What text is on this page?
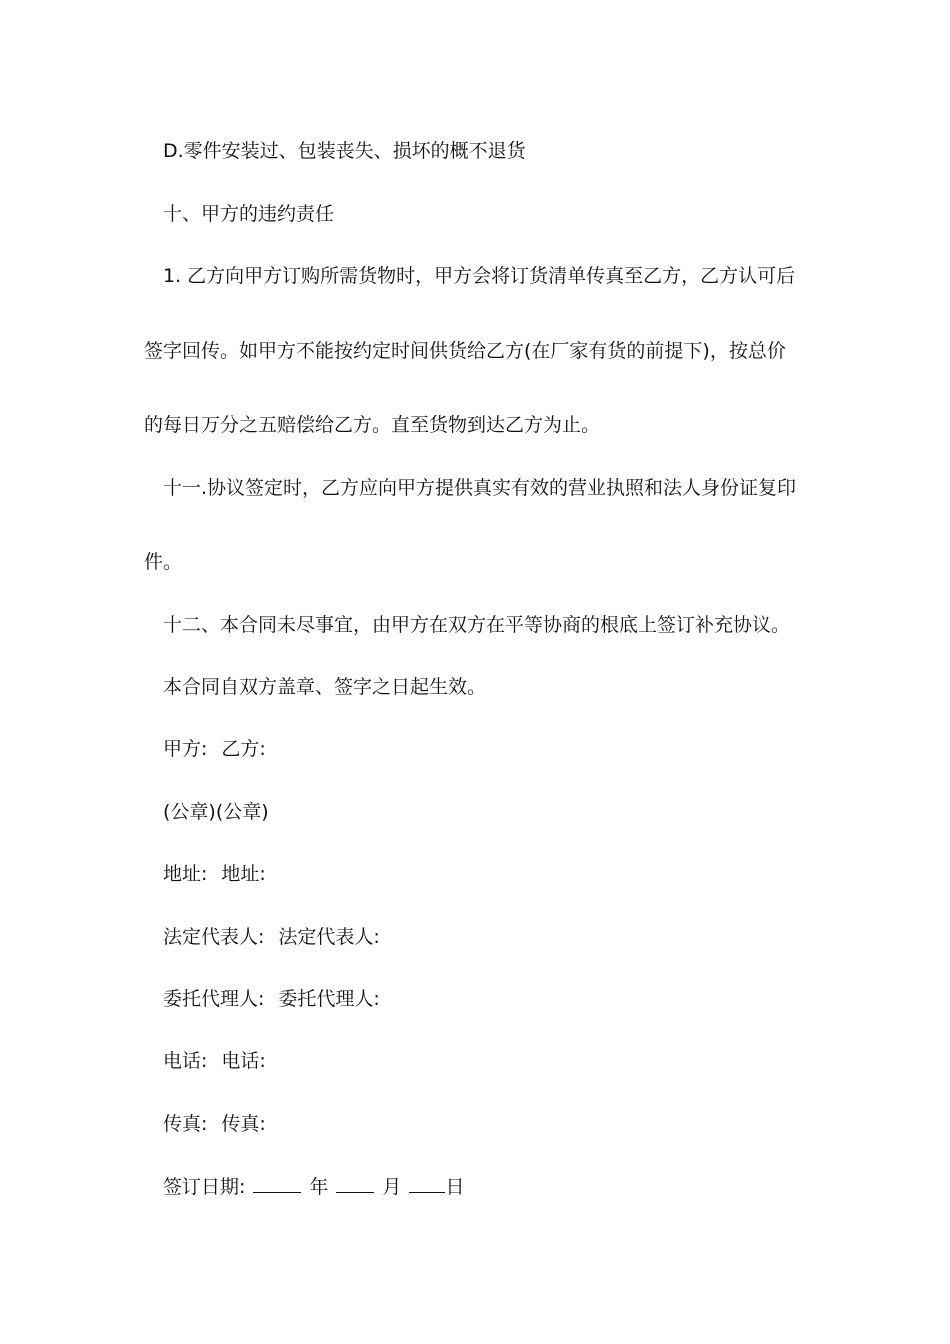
D.零件安装过、包装丧失、损坏的概不退货
十、甲方的违约责任
1. 乙方向甲方订购所需货物时，甲方会将订货清单传真至乙方，乙方认可后
签字回传。如甲方不能按约定时间供货给乙方(在厂家有货的前提下)，按总价
的每日万分之五赔偿给乙方。直至货物到达乙方为止。
十一.协议签定时，乙方应向甲方提供真实有效的营业执照和法人身份证复印
件。
十二、本合同未尽事宜，由甲方在双方在平等协商的根底上签订补充协议。
本合同自双方盖章、签字之日起生效。
甲方: 乙方:
(公章)(公章)
地址: 地址:
法定代表人: 法定代表人:
委托代理人: 委托代理人:
电话: 电话:
传真: 传真:
签订日期:	年	月 日
